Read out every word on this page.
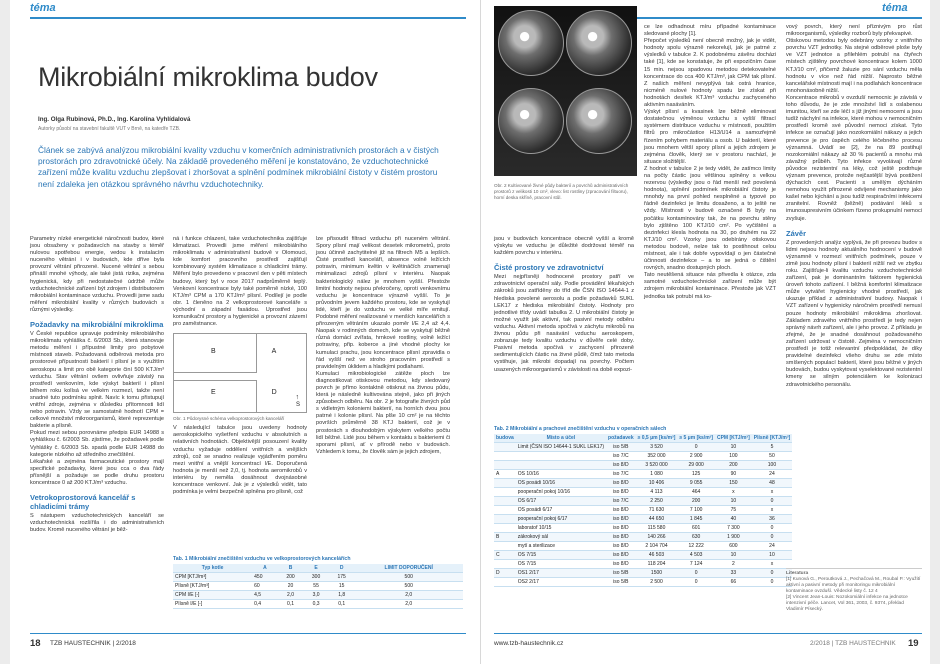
téma	téma
Mikrobiální mikroklima budov
Ing. Olga Rubinová, Ph.D., Ing. Karolína Vyhlídalová
Autorky působí na stavební fakultě VUT v Brně, na katedře TZB.

Článek se zabývá analýzou mikrobiální kvality vzduchu v komerčních administrativních prostorách a v čistých prostorách pro zdravotnické účely. Na základě provedeného měření je konstatováno, že vzduchotechnické zařízení může kvalitu vzduchu zlepšovat i zhoršovat a splnění podmínek mikrobiální čistoty v čistém prostoru není zdaleka jen otázkou správného návrhu vzduchotechniky.

Parametry nízké energetické náročnosti budov, které jsou obsaženy v požadavcích na stavby s téměř nulovou spotřebou energie, vedou k instalacím nuceného větrání i v budovách, kde dříve byla provozní větrání přirozené. Nucené větrání s sebou přináší mnohé výhody, ale také jistá rizika, zejména hygienická, kdy při nedostatečné údržbě může vzduchotechnické zařízení být zdrojem i distributorem mikrobiální kontaminace vzduchu. Provedli jsme sadu měření mikrobiální kvality v různých budovách s různými výsledky.

Požadavky na mikrobiální mikroklima

V České republice upravuje podmínky mikrobiálního mikroklimatu vyhláška č. 6/2003 Sb., která stanovuje metodu měření i přípustné limity pro pobytové místnosti staveb. Požadovaná odběrová metoda pro prostorové přípustnosti bakterií i plísní je s využitím aeroskopu a limit pro obě kategorie činí 500 KTJ/m³ vzduchu. Stav větrání ovšem ovlivňuje závislý na prostředí venkovním, kde výskyt bakterií i plísní během roku kolísá ve velkém rozmezí, takže není snadné tuto podmínku splnit. Navíc k tomu přistupují vnitřní zdroje, zejména v důsledku přítomnosti lidí nebo potravin. Vždy se samostatně hodnotí CPM = celkové množství mikroorganismů, které reprezentuje bakterie a plísně.

Pokud mezi sebou porovnáme předpis EUR 14988 s vyhláškou č. 6/2003 Sb. zjistíme, že požadavek podle Vyhlášky č. 6/2003 Sb. spadá podle EUR 14988 do kategorie nízkého až středního znečištění.

Lékařské a zejména farmaceutické prostory mají specifické požadavky, které jsou cca o dva řády přísnější a požaduje se podle druhu prostoru koncentrace 0 až 200 KTJ/m³ vzduchu.

Vetrokoprostorová kancelář s chladicími trámy

S nástupem vzduchotechnických kanceláří se vzduchotechnická rozšířila i do administrativních budov. Kromě nuceného větrání je běž-

ná i funkce chlazení, take vzduchotechnika zajišťuje klimatizaci. Provedli jsme měření mikrobiálního mikroklimatu v administrativní budově v Olomouci, kde komfort pracovního prostředí zajišťují kombinovaný systém klimatizace s chladicími trámy. Měření bylo provedeno v pracovní den v pěti místech budovy, který byl v roce 2017 nadprůměrně teplý. Venkovní koncentrace byly také poměrně nízké, 100 KTJ/m³ CPM a 170 KTJ/m³ plísní. Podílejí je podle obr. 1 členěno na 2 velkoprostorové kanceláře s východní a západní fasádou. Uprostřed jsou komunikační prostory a hygienické a provozní zázemí pro zaměstnance.

B	A
E	D
S
↑
Obr. 1 Půdorysné schéma velkoprostorových kanceláří

V následující tabulce jsou uvedeny hodnoty aeroskopického vyšetření vzduchu v absolutních a relativních hodnotách. Objektivější posouzení kvality vzduchu vyžaduje oddělení vnitřních a vnějších zdrojů, což se snadno realizuje vyjádřením poměru mezi vnitřní a vnější koncentrací I/E. Doporučená hodnota je menší než 2,0, tj. hodnota aeromikrobů v interiéru by neměla dosáhnout dvojnásobné koncentrace venkovní. Jak je z výsledků vidět, tato podmínka je velmi bezpečně splněna pro plísně, což

lze přisoudit filtraci vzduchu při nuceném větrání. Spory plísní mají velikost desetek mikrometrů, proto jsou účinně zachytitelné již na filtrech M5 a lepších. Čisté prostředí kanceláří, absence volně ležících potravin, minimum květin v květináčích znamenají minimalizaci zdrojů plísní v interiéru. Naopak bakteriologický nález je mnohem vyšší. Přestože limitní hodnoty nejsou překročeny, oproti venkovnímu vzduchu je koncentrace výrazně vyšší. To je průvodním jevem každého prostoru, kde se vyskytují lidé, kteří je do vzduchu ve velké míře emitují. Podobné měření realizované v menších kancelářích s přirozeným větráním ukazalo poměr I/E 2,4 až 4,4. Naopak v rodinných domech, kde se vyskytují běžně různá domácí zvířata, hrnkové rostliny, volně ležící potraviny, přip. koberce a jiné vhodné plochy ke kumulaci prachu, jsou koncentrace plísní zpravidla o řád vyšší než ve stroho pracovním prostředí s pravidelným úklidem a hladkými podlahami.

Kumulaci mikrobiologické zátěže ploch lze diagnostikovat otiskovou metodou, kdy sledovaný povrch je přímo kontaktně otisknut na živnou půdu, která je následně kultivována stejně, jako při jiných způsobech odběru. Na obr. 2 je fotografie živných půd s vidletným koloniemi bakterií, na horních dvou jsou patrné i kolonie plísní. Na plše 10 cm² je na těchto površích průměrně 38 KTJ bakterií, což je v prostorách s dlouhodobým výskytem velkého počtu lidí běžné. Lidé jsou během v kontaktu s bakteriemi či sporami plísní, ať v přírodě nebo v budovách. Vzhledem k tomu, že člověk sám je jejich zdrojem,

Tab. 1 Mikrobiální znečištění vzduchu ve velkoprostorových kancelářích
Typ kotle	A	B	E	D	LIMIT DOPORUČENÍ
CPM [KTJ/m³]	450	200	300	175	500
Plísně [KTJ/m³]	60	20	55	15	500
CPM I/E [-]	4,5	2,0	3,0	1,8	2,0
Plísně I/E [-]	0,4	0,1	0,3	0,1	2,0
18 TZB HAUSTECHNIK | 2/2018
Obr. 2 Kultivované živné půdy bakterií a povrchů administrativních prostorů z velikosti 10 cm², vlevo: list rostliny (zpracování filtuoru), horní deska skříně, pracovní stůl.

jsou v budovách koncentrace obecně vyšší a kromě výskytu ve vzduchu je důležité dodržovat téměř na každém povrchu v interiéru.

Čisté prostory ve zdravotnictví

Mezi nejpřísněji hodnocené prostory patří ve zdravotnictví operační sály. Podle provádění lékařských zákroků jsou zatříděny do tříd dle ČSN ISO 14644-1 z hlediska povolené aerosolu a podle požadavků SUKL LEK17 z hlediska mikrobiální čistoty. Hodnoty pro jednotlivé třídy uvádí tabulka 2. U mikrobiální čistoty je možné využít jak aktivní, tak pasivní metody odběru vzduchu. Aktivní metoda spočívá v záchytu mikrobů na živnou půdu při nasávání vzduchu aeroskopem, zobrazuje tedy kvalitu vzduchu v důvěře celé doby. Pasivní metoda spočívá v zachycení přirozeně sedimentujících částic na živné půdě, čímž tato metoda vystihuje, jak mikrobi dopadají na povrchy. Počtem usazených mikroorganismů v závislosti na době expozi-

ce lze odhadnout míru případné kontaminace sledované plochy [1].

Přepočet výsledků není obecně možný, jak je vidět, hodnoty spolu výrazně nekorelují, jak je patrné z výsledků v tabulce 2. K podobnému závěru docházi také [1], kde se konstatuje, že při expozičním čase 15 min. nejsou spadovou metodou detekovatelné koncentrace do cca 400 KTJ/m³, jak CPM tak plísní. Z našich měření nevyplývá tak ostrá hranice, nicméně nulové hodnoty spadu lze získat při hodnotách desítek KTJ/m³ vzduchu zachyceného aktivním nasáváním.

Výskyt plísní a kvasinek lze běžně eliminovat dostatečnou výměnou vzduchu s vyšší filtrací systémem distribuce vzduchu v místnosti, použitím filtrů pro mikročástice H13/U14 a samozřejmě řízením pohybem materiálu a osob. U bakterií, které jsou mnohem větší spory plísní a jejich zdrojem je zejména člověk, který se v prostoru nachází, je situace složitější.

Z hodnot v tabulce 2 je tedy vidět, že zatímco limity na počty částic jsou většinou splněny s velkou rezervou (výsledky jsou o řád menší než povolená hodnota), splnění podmínek mikrobiální čistoty je mnohdy na první pohled nesplněné a typové po řádně dezinfekci je limitu dosaženo, a to ještě ne vždy. Místnosti v budově označené B byly na počátku kontaminovány tak, že na povrchu stěny bylo zjištěno 100 KTJ/10 cm². Po vyčištění a dezinfekci klesla hodnota na 30, po druhém na 22 KTJ/10 cm². Vzorky jsou odebírány otiskovou metodou bodově, nelze tak to postihnout celou místnost, ale i tak dobře vypovídají o jen částečné účinnosti dezinfekce – a to se jedná o čištění rovných, snadno dostupných ploch.

Tato neutěšená situace nás přivedla k otázce, zda samotné vzduchotechnické zařízení může být zdrojem mikrobiální kontaminace. Přestože jak VZT jednotka tak potrubí má ko-

Tab. 2 Mikrobiální a prachové znečištění vzduchu v operačních sálech
budova	Místo a účel	požadavek	≥ 0,5 μm [ks/m³]	≥ 5 μm [ks/m³]	CPM [KTJ/m³]	Plísně [KTJ/m³]
	Limit (ČSN ISO 14644-1 SUKL LEK17)	iso 5/B	3 520	0	10	5
		iso 7/C	352 000	2 900	100	50
		iso 8/D	3 520 000	29 000	200	100
A	OS 10/16	iso 7/C	1 080	125	90	24
	OS posádi 10/16	iso 8/D	10 406	9 055	150	48
	pooperační pokoj 10/16	iso 8/D	4 113	464	x	x
	OS 6/17	iso 7/C	2 250	200	10	0
	OS posádi 6/17	iso 8/D	71 630	7 100	75	x
	pooperační pokoj 6/17	iso 8/D	44 650	1 845	40	36
	laboratoř 10/15	iso 8/D	115 580	601	7 300	0
B	zákrokový sál	iso 8/D	140 266	630	1 900	0
	mytí a sterilizace	iso 8/D	2 104 704	12 222	600	24
C	OS 7/15	iso 8/D	46 503	4 503	10	10
	OS 7/15	iso 8/D	118 204	7 124	2	x
D	OS1 2/17	iso 5/B	1500	0	33	0
	OS2 2/17	iso 5/B	2 500	0	66	0

vový povrch, který není příznivým pro růst mikroorganismů, výsledky rozborů byly překvapivé.

Otiskovou metodou byly odebrány vzorky z vnitřního povrchu VZT jednotky. Na stejné odběrové ploše byly ve VZT jednotce a přilehlém potrubí na čtyřech místech zjištěny povrchové koncentrace kolem 1000 KTJ/10 cm², přičemž žaluzie pro sání vzduchu měla hodnotu v více než řád nižší. Naprosto běžné kancelářské místnosti mají i na podlahách koncentrace mnohonásobně nižší.

Koncentrace mikrobů v ovzduší nemocnic je závislá v toho důvodu, že je zde množství lidí s oslabenou imunitou, kteří se zde léčí s již jinými nemocemi a jsou tudíž náchylní na infekce, které mohou v nemocničním prostředí kromě své původní nemoci získat. Tyto infekce se označují jako nozokomiální nákazy a jejich prevence je pro úspěch celého léčebného procesu významná. Uvádí se [2], že na 89 postihují nozokomiální nákazy až 30 % pacientů a mnohu má závažný průběh. Tyto infekce vyvolávají různé původce rezistentní na léky, což ještě podtrhuje význam prevence, protože nejčastější bývá postižení dýchacích cest. Pacienti s umělým dýcháním nemohou využít přirozené odvíjené mechanismy jako kašel nebo kýchání a jsou tudíž respiračními infekcemi zranitelní. Rovněž (běžně) podávání léků s imunosupresivním účinkem řízeno prokupnulní nemoci zvyšuje.

Závěr

Z provedených analýz vyplývá, že při provozu budov s lidmi nejsou hodnoty aktuálního hodnocení v budově významně v rozmezí vnitřních podmínek, pouze v zimě jsou hodnoty plísní i bakterií nižší než ve zbytku roku. Zajišťuje-li kvalitu vzduchu vzduchotechnické zařízení, pak je dominantním faktorem hygienická úroveň tohoto zařízení. I běžná komfortní klimatizace může vytvářet hygienicky vhodné prostředí, jak ukazuje příklad z administrativní budovy. Naopak i VZT zařízení v hygienicky náročném prostředí nemusí pouze hodnoty mikrobiální mikroklima zhoršovat. Základem zdravého vnitřního prostředí je tedy nejen správný návrh zařízení, ale i jeho provoz. Z příkladu je zřejmé, že je snadné dosáhnout požadovaného zařízení udržovat v čistotě. Zejména v nemocničním prostředí je totiž relevantní předpokládat, že díky pravidelné dezinfekci všeho druhu se zde místo smíšených populací bakterií, které jsou běžné v jiných budovách, budou vyskytovat vyselektované rezistentní kmeny se silným potenciálem ke kolonizaci zdravotnického personálu.

Literatura

[1] Kunová G., Peroutková J., Pechačová M., Roubal P.: Využití aktivní a pasivní metody při monitoringu mikrobiální kontaminace ovzduší. Vědecké listy č. 12 4

[2] Vincent Jean-Louis: Nozokomiální infekce na jednotce intenzivní péče. Lancet, Vol 361, 2003, č. 9374, překlad Vladimír Písecký.

www.tzb-haustechnik.cz	2/2018 | TZB HAUSTECHNIK 19
